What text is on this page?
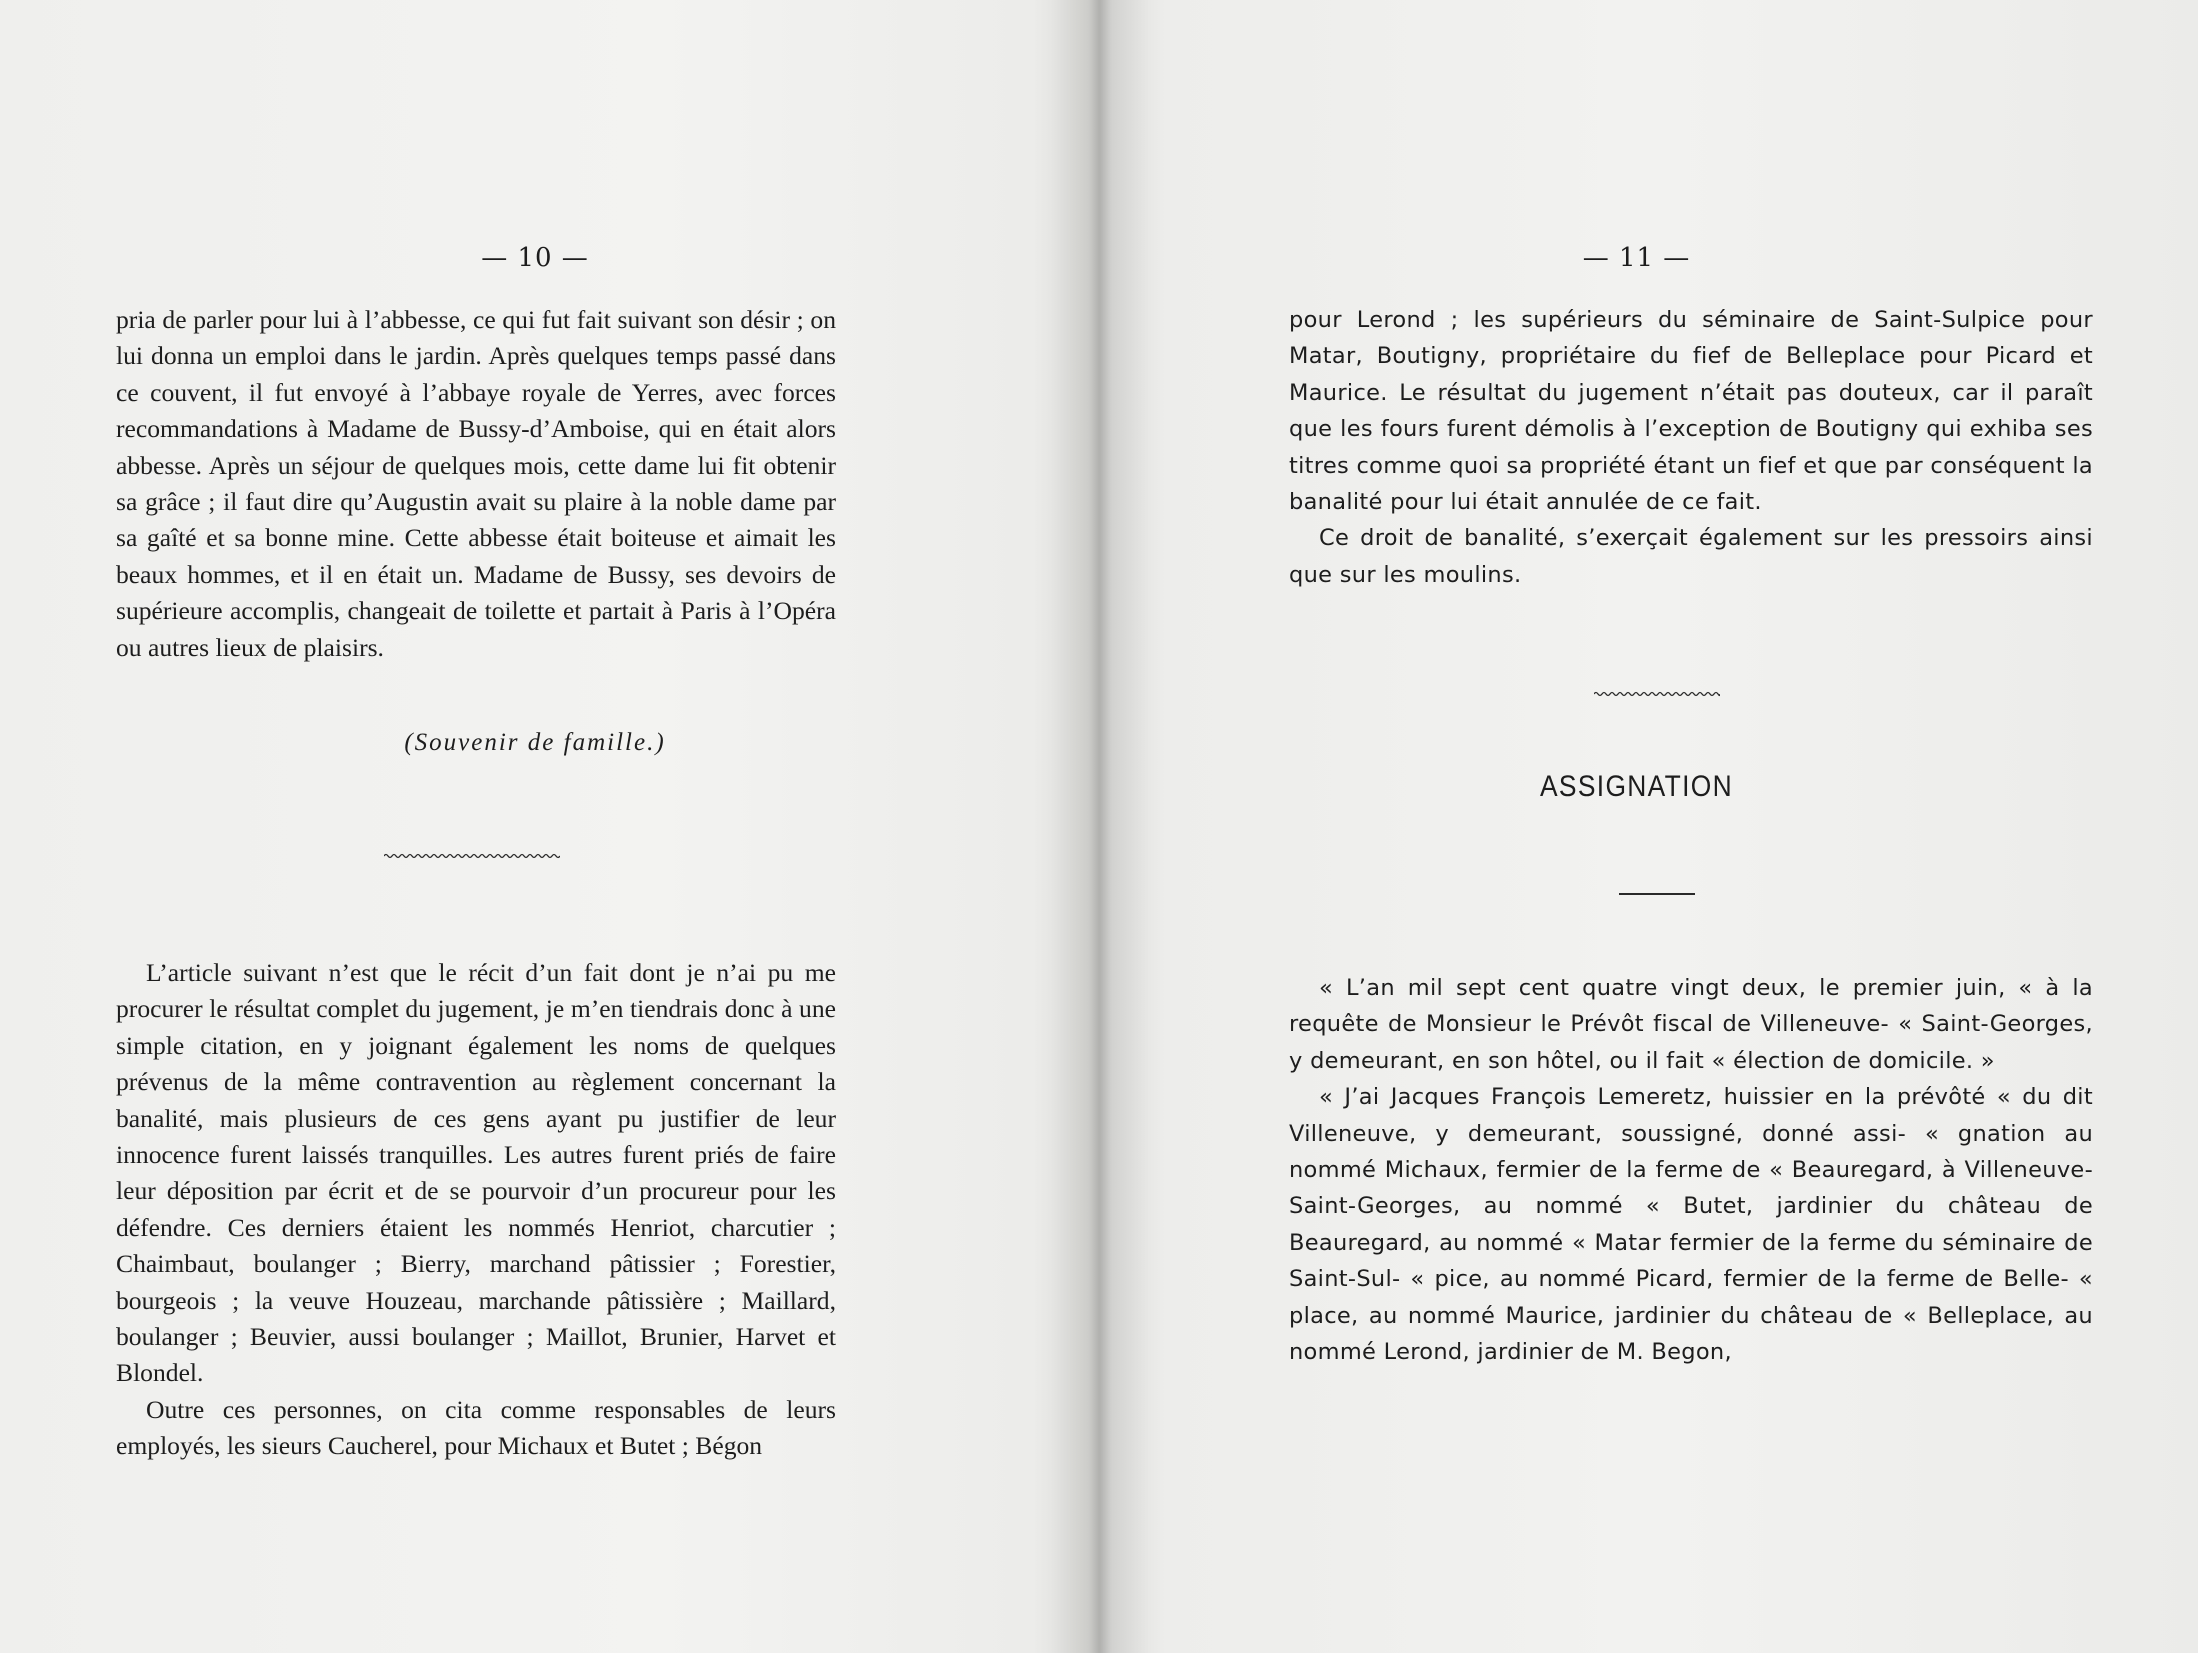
— 10 —

pria de parler pour lui à l’abbesse, ce qui fut fait suivant son désir ; on lui donna un emploi dans le jardin. Après quelques temps passé dans ce couvent, il fut envoyé à l’abbaye royale de Yerres, avec forces recommandations à Madame de Bussy-d’Amboise, qui en était alors abbesse. Après un séjour de quelques mois, cette dame lui fit obtenir sa grâce ; il faut dire qu’Augustin avait su plaire à la noble dame par sa gaîté et sa bonne mine. Cette abbesse était boiteuse et aimait les beaux hommes, et il en était un. Madame de Bussy, ses devoirs de supérieure accomplis, changeait de toilette et partait à Paris à l’Opéra ou autres lieux de plaisirs.

(Souvenir de famille.)

L’article suivant n’est que le récit d’un fait dont je n’ai pu me procurer le résultat complet du jugement, je m’en tiendrais donc à une simple citation, en y joignant également les noms de quelques prévenus de la même contravention au règlement concernant la banalité, mais plusieurs de ces gens ayant pu justifier de leur innocence furent laissés tranquilles. Les autres furent priés de faire leur déposition par écrit et de se pourvoir d’un procureur pour les défendre. Ces derniers étaient les nommés Henriot, charcutier ; Chaimbaut, boulanger ; Bierry, marchand pâtissier ; Forestier, bourgeois ; la veuve Houzeau, marchande pâtissière ; Maillard, boulanger ; Beuvier, aussi boulanger ; Maillot, Brunier, Harvet et Blondel.

Outre ces personnes, on cita comme responsables de leurs employés, les sieurs Caucherel, pour Michaux et Butet ; Bégon

— 11 —

pour Lerond ; les supérieurs du séminaire de Saint-Sulpice pour Matar, Boutigny, propriétaire du fief de Belleplace pour Picard et Maurice. Le résultat du jugement n’était pas douteux, car il paraît que les fours furent démolis à l’exception de Boutigny qui exhiba ses titres comme quoi sa propriété étant un fief et que par conséquent la banalité pour lui était annulée de ce fait.

Ce droit de banalité, s’exerçait également sur les pressoirs ainsi que sur les moulins.

ASSIGNATION

« L’an mil sept cent quatre vingt deux, le premier juin, « à la requête de Monsieur le Prévôt fiscal de Villeneuve- « Saint-Georges, y demeurant, en son hôtel, ou il fait « élection de domicile. »

« J’ai Jacques François Lemeretz, huissier en la prévôté « du dit Villeneuve, y demeurant, soussigné, donné assi- « gnation au nommé Michaux, fermier de la ferme de « Beauregard, à Villeneuve-Saint-Georges, au nommé « Butet, jardinier du château de Beauregard, au nommé « Matar fermier de la ferme du séminaire de Saint-Sul- « pice, au nommé Picard, fermier de la ferme de Belle- « place, au nommé Maurice, jardinier du château de « Belleplace, au nommé Lerond, jardinier de M. Begon,
